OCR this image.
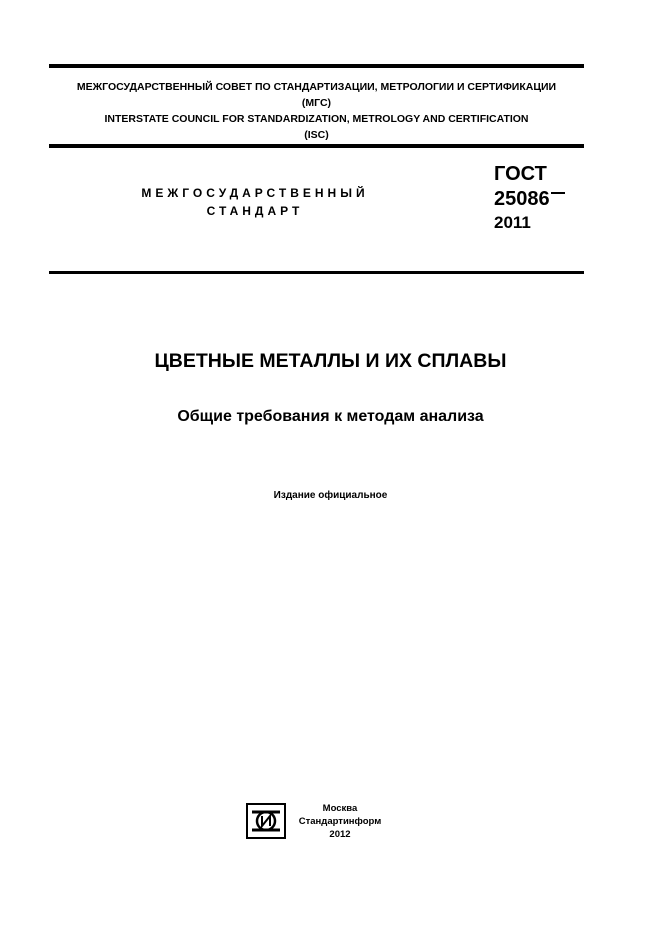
МЕЖГОСУДАРСТВЕННЫЙ СОВЕТ ПО СТАНДАРТИЗАЦИИ, МЕТРОЛОГИИ И СЕРТИФИКАЦИИ
(МГС)
INTERSTATE COUNCIL FOR STANDARDIZATION, METROLOGY AND CERTIFICATION
(ISC)
МЕЖГОСУДАРСТВЕННЫЙ
СТАНДАРТ
ГОСТ
25086
2011
ЦВЕТНЫЕ МЕТАЛЛЫ И ИХ СПЛАВЫ
Общие требования к методам анализа
Издание официальное
Москва
Стандартинформ
2012
